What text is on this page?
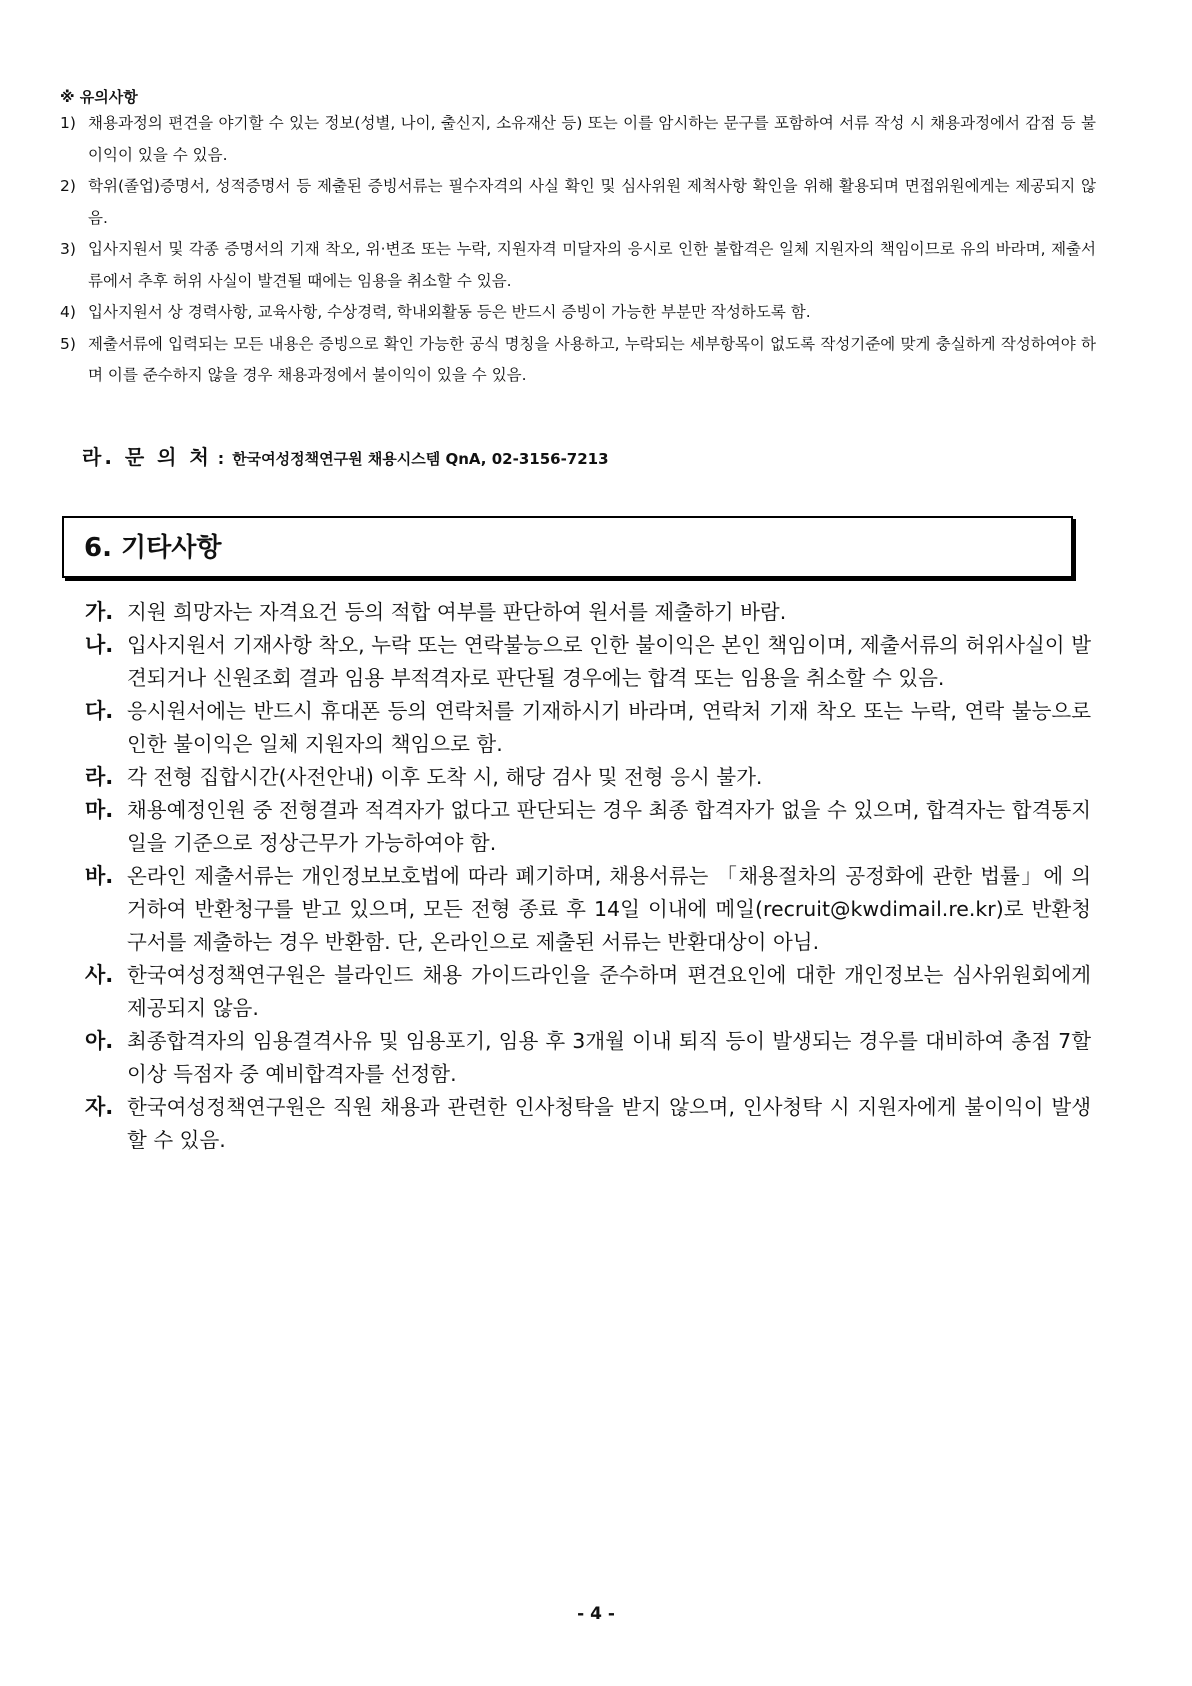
※ 유의사항
1) 채용과정의 편견을 야기할 수 있는 정보(성별, 나이, 출신지, 소유재산 등) 또는 이를 암시하는 문구를 포함하여 서류 작성 시 채용과정에서 감점 등 불이익이 있을 수 있음.
2) 학위(졸업)증명서, 성적증명서 등 제출된 증빙서류는 필수자격의 사실 확인 및 심사위원 제척사항 확인을 위해 활용되며 면접위원에게는 제공되지 않음.
3) 입사지원서 및 각종 증명서의 기재 착오, 위·변조 또는 누락, 지원자격 미달자의 응시로 인한 불합격은 일체 지원자의 책임이므로 유의 바라며, 제출서류에서 추후 허위 사실이 발견될 때에는 임용을 취소할 수 있음.
4) 입사지원서 상 경력사항, 교육사항, 수상경력, 학내외활동 등은 반드시 증빙이 가능한 부분만 작성하도록 함.
5) 제출서류에 입력되는 모든 내용은 증빙으로 확인 가능한 공식 명칭을 사용하고, 누락되는 세부항목이 없도록 작성기준에 맞게 충실하게 작성하여야 하며 이를 준수하지 않을 경우 채용과정에서 불이익이 있을 수 있음.
라. 문 의 처 : 한국여성정책연구원 채용시스템 QnA, 02-3156-7213
6. 기타사항
가. 지원 희망자는 자격요건 등의 적합 여부를 판단하여 원서를 제출하기 바람.
나. 입사지원서 기재사항 착오, 누락 또는 연락불능으로 인한 불이익은 본인 책임이며, 제출서류의 허위사실이 발견되거나 신원조회 결과 임용 부적격자로 판단될 경우에는 합격 또는 임용을 취소할 수 있음.
다. 응시원서에는 반드시 휴대폰 등의 연락처를 기재하시기 바라며, 연락처 기재 착오 또는 누락, 연락 불능으로 인한 불이익은 일체 지원자의 책임으로 함.
라. 각 전형 집합시간(사전안내) 이후 도착 시, 해당 검사 및 전형 응시 불가.
마. 채용예정인원 중 전형결과 적격자가 없다고 판단되는 경우 최종 합격자가 없을 수 있으며, 합격자는 합격통지일을 기준으로 정상근무가 가능하여야 함.
바. 온라인 제출서류는 개인정보보호법에 따라 폐기하며, 채용서류는 「채용절차의 공정화에 관한 법률」에 의거하여 반환청구를 받고 있으며, 모든 전형 종료 후 14일 이내에 메일(recruit@kwdimail.re.kr)로 반환청구서를 제출하는 경우 반환함. 단, 온라인으로 제출된 서류는 반환대상이 아님.
사. 한국여성정책연구원은 블라인드 채용 가이드라인을 준수하며 편견요인에 대한 개인정보는 심사위원회에게 제공되지 않음.
아. 최종합격자의 임용결격사유 및 임용포기, 임용 후 3개월 이내 퇴직 등이 발생되는 경우를 대비하여 총점 7할 이상 득점자 중 예비합격자를 선정함.
자. 한국여성정책연구원은 직원 채용과 관련한 인사청탁을 받지 않으며, 인사청탁 시 지원자에게 불이익이 발생할 수 있음.
- 4 -
